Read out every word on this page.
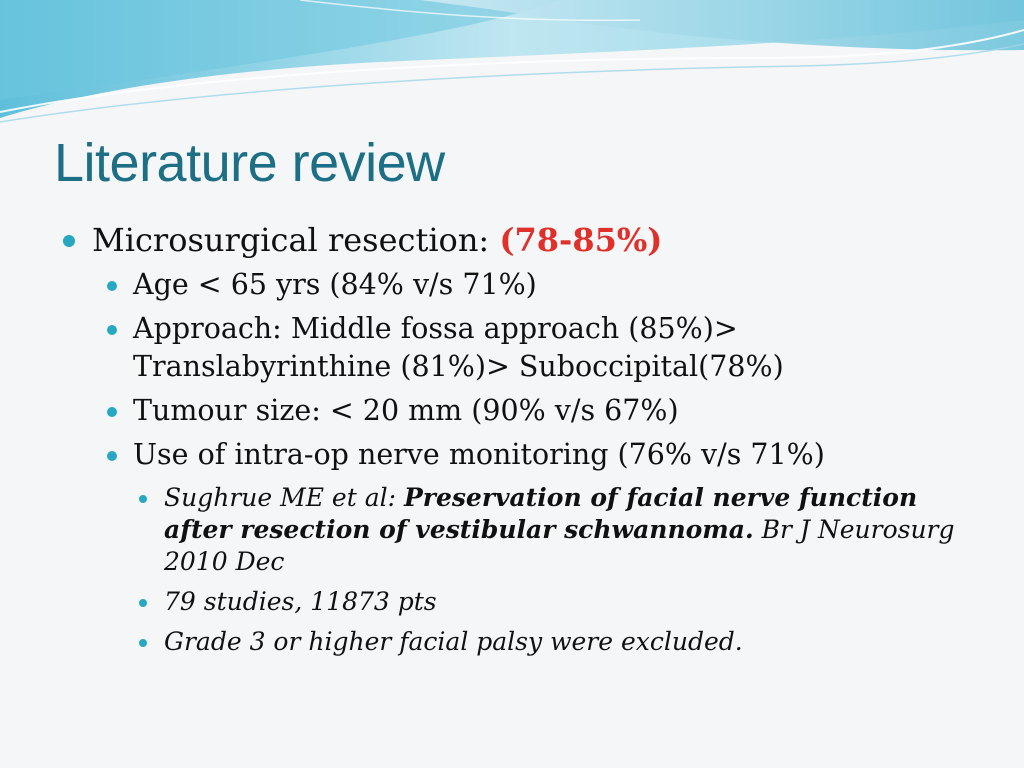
Literature review
Microsurgical resection: (78-85%)
Age < 65 yrs (84% v/s 71%)
Approach: Middle fossa approach (85%)> Translabyrinthine (81%)> Suboccipital(78%)
Tumour size: < 20 mm (90% v/s 67%)
Use of intra-op nerve monitoring (76% v/s 71%)
Sughrue ME et al: Preservation of facial nerve function after resection of vestibular schwannoma. Br J Neurosurg 2010 Dec
79 studies, 11873 pts
Grade 3 or higher facial palsy were excluded.
